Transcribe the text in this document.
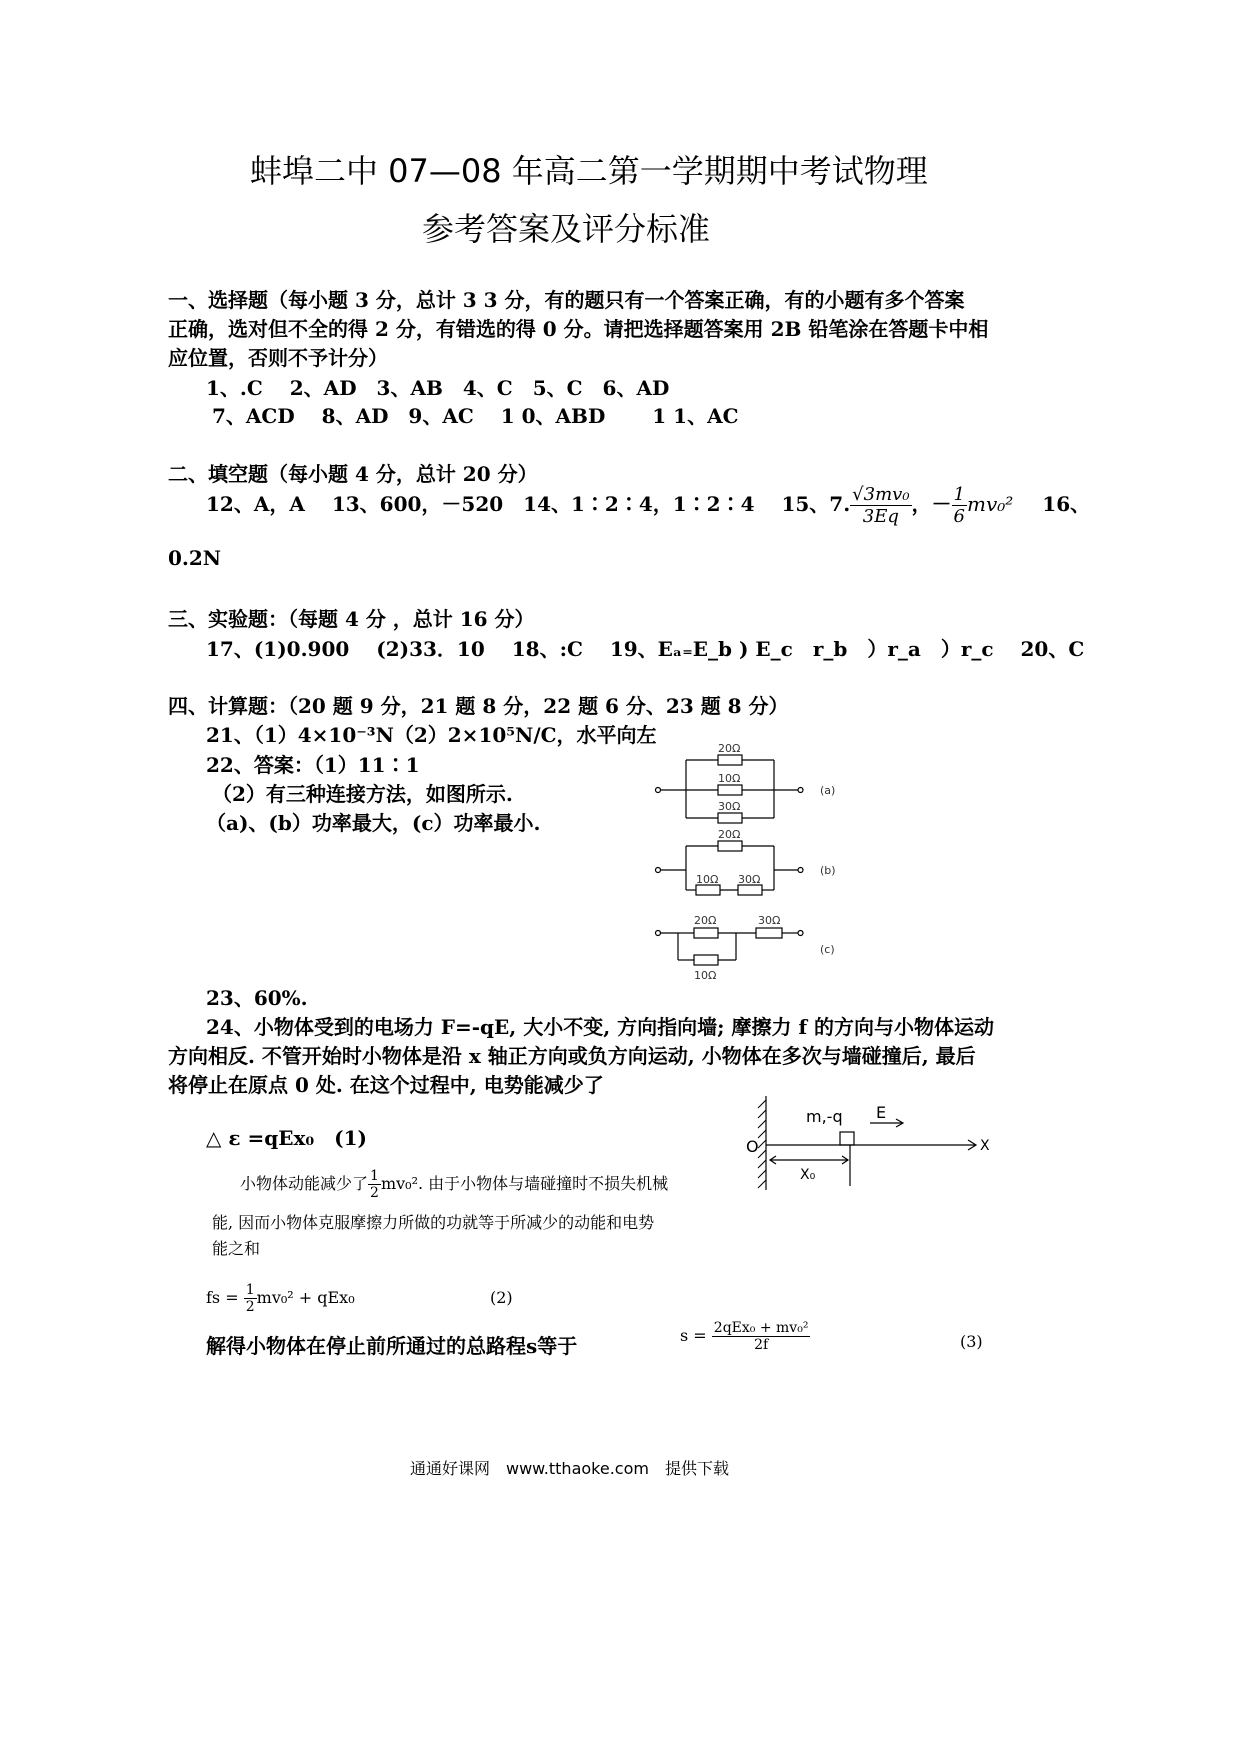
蚌埠二中 07—08 年高二第一学期期中考试物理
参考答案及评分标准
一、选择题（每小题 3 分，总计 3 3 分，有的题只有一个答案正确，有的小题有多个答案
正确，选对但不全的得 2 分，有错选的得 0 分。请把选择题答案用 2B 铅笔涂在答题卡中相
应位置，否则不予计分）
1、.C　 2、AD　3、AB　4、C　5、C　6、AD
7、ACD　 8、AD　9、AC　 1 0、ABD　　 1 1、AC
二、填空题（每小题 4 分，总计 20 分）
12、A，A　 13、600，－520　14、1∶2∶4，1∶2∶4　 15、7. $\frac{\text{√3mv₀}}{3Eq}$ ，－ $\frac{1}{6} mv_0^2$ 16、
0.2N
三、实验题：（每题 4 分 ，总计 16 分）
17、(1)0.900　 (2)33．10　 18、:C　 19、Eₐ₌E_b ) E_c　r_b　）r_a　）r_c　 20、C
四、计算题：（20 题 9 分，21 题 8 分，22 题 6 分、23 题 8 分）
21、（1）4×10⁻³N（2）2×10⁵N/C，水平向左
22、答案：（1）11∶1
（2）有三种连接方法，如图所示.
（a)、(b）功率最大，(c）功率最小.
20Ω
10Ω
30Ω
(a)
20Ω
10Ω 30Ω
(b)
20Ω	30Ω
10Ω
(c)
23、60%.
24、小物体受到的电场力 F=-qE, 大小不变, 方向指向墙; 摩擦力 f 的方向与小物体运动
方向相反. 不管开始时小物体是沿 x 轴正方向或负方向运动, 小物体在多次与墙碰撞后, 最后
将停止在原点 0 处. 在这个过程中, 电势能减少了
△ ε =qEx₀　(1)
m,-q E
O
X₀
X
小物体动能减少了 $\frac{1}{2} mv_0^2$. 由于小物体与墙碰撞时不损失机械
能, 因而小物体克服摩擦力所做的功就等于所减少的动能和电势
能之和
fs = $\frac{1}{2} mv_0^2 + qEx_0$	(2)
解得小物体在停止前所通过的总路程s等于	$s = \frac{\text{2qEx₀ + mv₀²}}{2f}$	(3)
通通好课网　www.tthaoke.com　提供下载
